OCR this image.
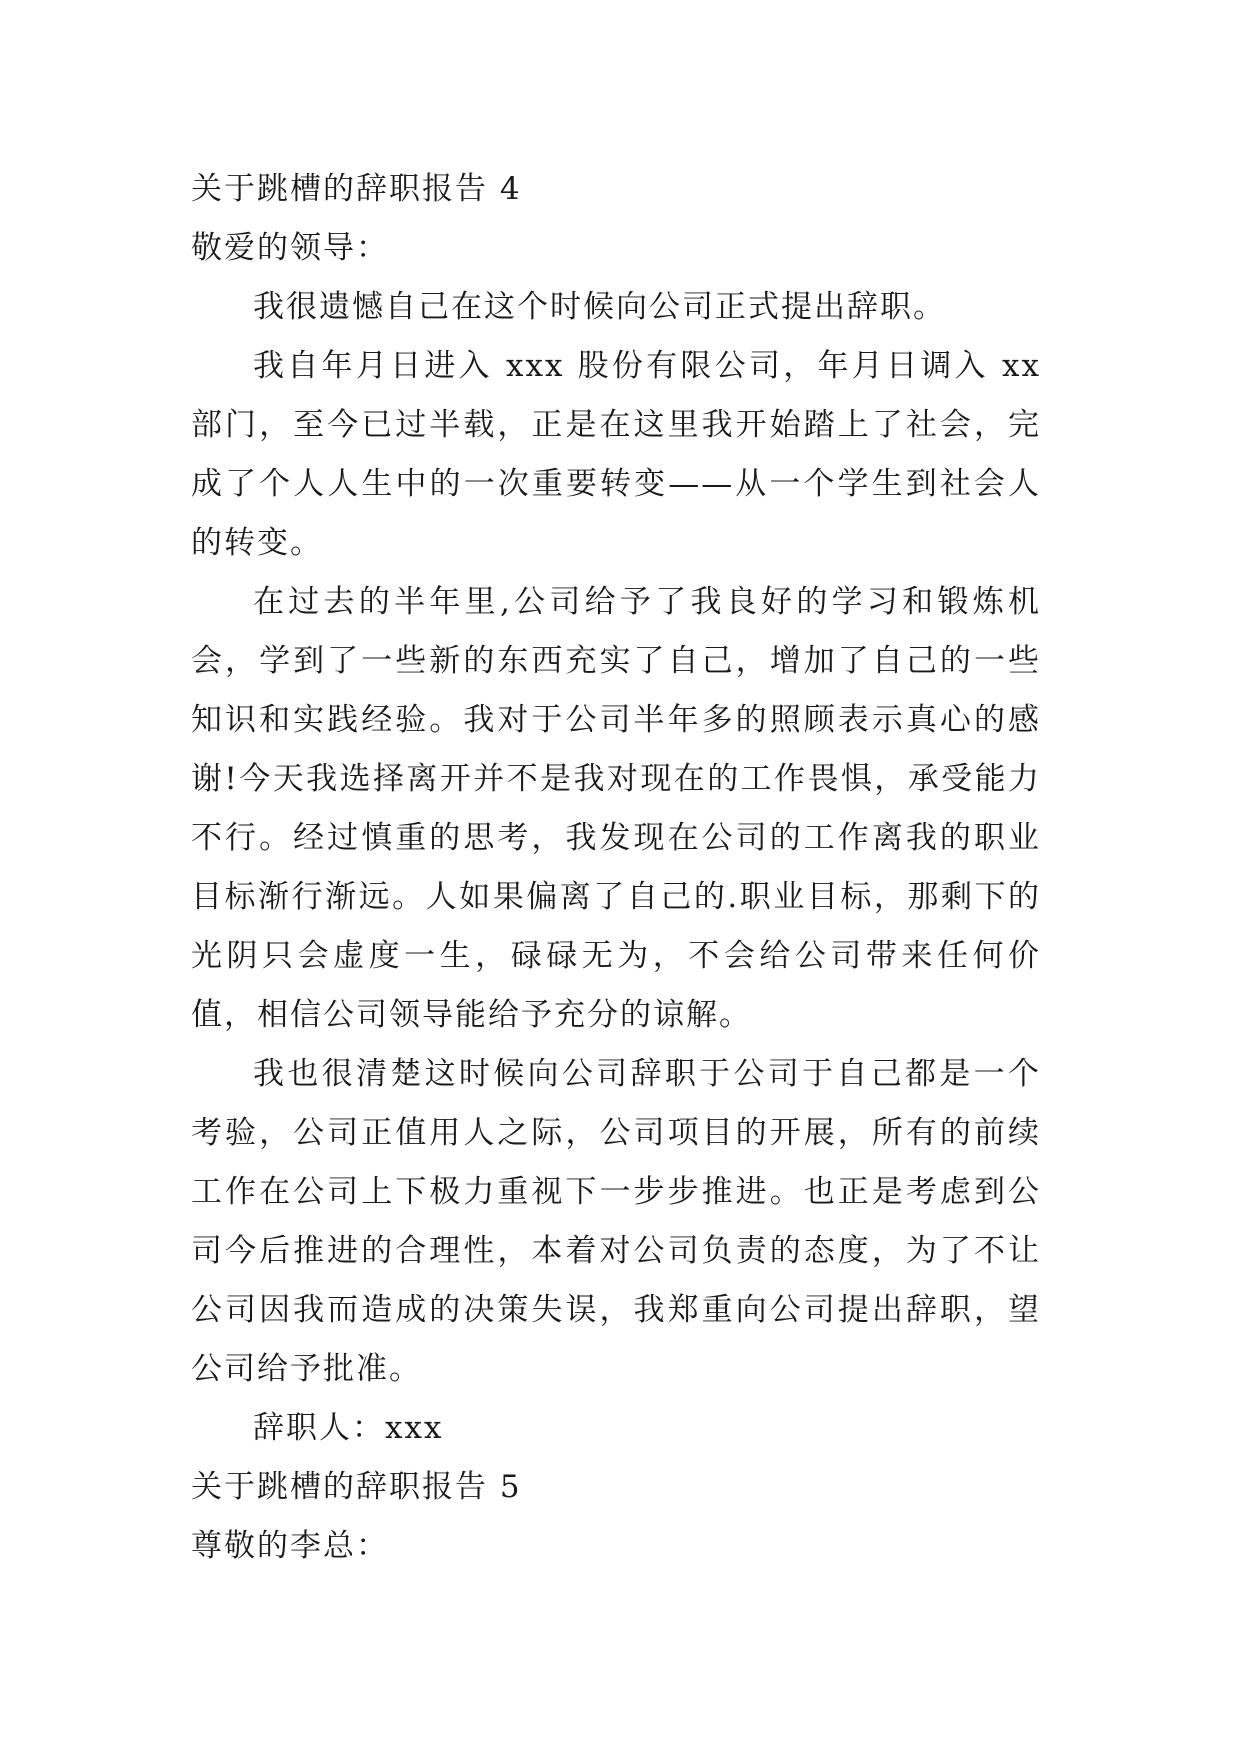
关于跳槽的辞职报告 4
敬爱的领导：

我很遗憾自己在这个时候向公司正式提出辞职。

我自年月日进入 xxx 股份有限公司，年月日调入 xx 部门，至今已过半载，正是在这里我开始踏上了社会，完成了个人人生中的一次重要转变——从一个学生到社会人的转变。

在过去的半年里,公司给予了我良好的学习和锻炼机会，学到了一些新的东西充实了自己，增加了自己的一些知识和实践经验。我对于公司半年多的照顾表示真心的感谢!今天我选择离开并不是我对现在的工作畏惧，承受能力不行。经过慎重的思考，我发现在公司的工作离我的职业目标渐行渐远。人如果偏离了自己的.职业目标，那剩下的光阴只会虚度一生，碌碌无为，不会给公司带来任何价值，相信公司领导能给予充分的谅解。

我也很清楚这时候向公司辞职于公司于自己都是一个考验，公司正值用人之际，公司项目的开展，所有的前续工作在公司上下极力重视下一步步推进。也正是考虑到公司今后推进的合理性，本着对公司负责的态度，为了不让公司因我而造成的决策失误，我郑重向公司提出辞职，望公司给予批准。

辞职人：xxx
关于跳槽的辞职报告 5
尊敬的李总：
